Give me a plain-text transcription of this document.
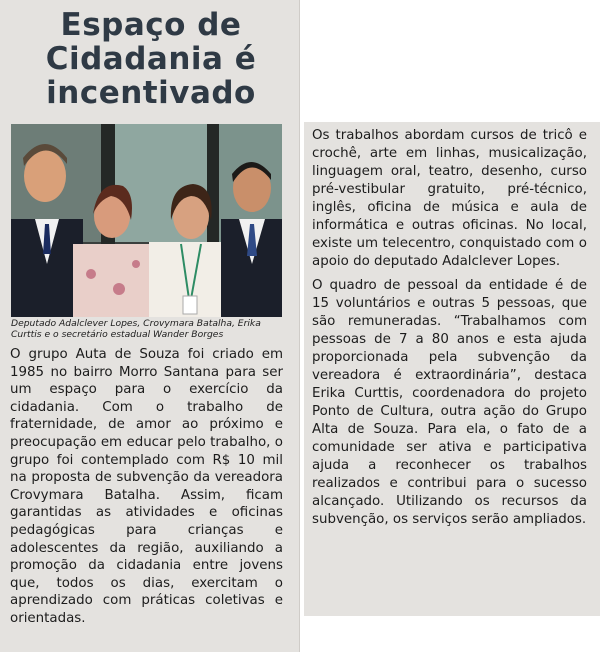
Espaço de Cidadania é incentivado
Deputado Adalclever Lopes, Crovymara Batalha, Erika Curttis e o secretário estadual Wander Borges

O grupo Auta de Souza foi criado em 1985 no bairro Morro Santana para ser um espaço para o exercício da cidadania. Com o trabalho de fraternidade, de amor ao próximo e preocupação em educar pelo trabalho, o grupo foi contemplado com R$ 10 mil na proposta de subvenção da vereadora Crovymara Batalha. Assim, ficam garantidas as atividades e oficinas pedagógicas para crianças e adolescentes da região, auxiliando a promoção da cidadania entre jovens que, todos os dias, exercitam o aprendizado com práticas coletivas e orientadas.

Os trabalhos abordam cursos de tricô e crochê, arte em linhas, musicalização, linguagem oral, teatro, desenho, curso pré-vestibular gratuito, pré-técnico, inglês, oficina de música e aula de informática e outras oficinas. No local, existe um telecentro, conquistado com o apoio do deputado Adalclever Lopes.

O quadro de pessoal da entidade é de 15 voluntários e outras 5 pessoas, que são remuneradas. “Trabalhamos com pessoas de 7 a 80 anos e esta ajuda proporcionada pela subvenção da vereadora é extraordinária”, destaca Erika Curttis, coordenadora do projeto Ponto de Cultura, outra ação do Grupo Alta de Souza. Para ela, o fato de a comunidade ser ativa e participativa ajuda a reconhecer os trabalhos realizados e contribui para o sucesso alcançado. Utilizando os recursos da subvenção, os serviços serão ampliados.
